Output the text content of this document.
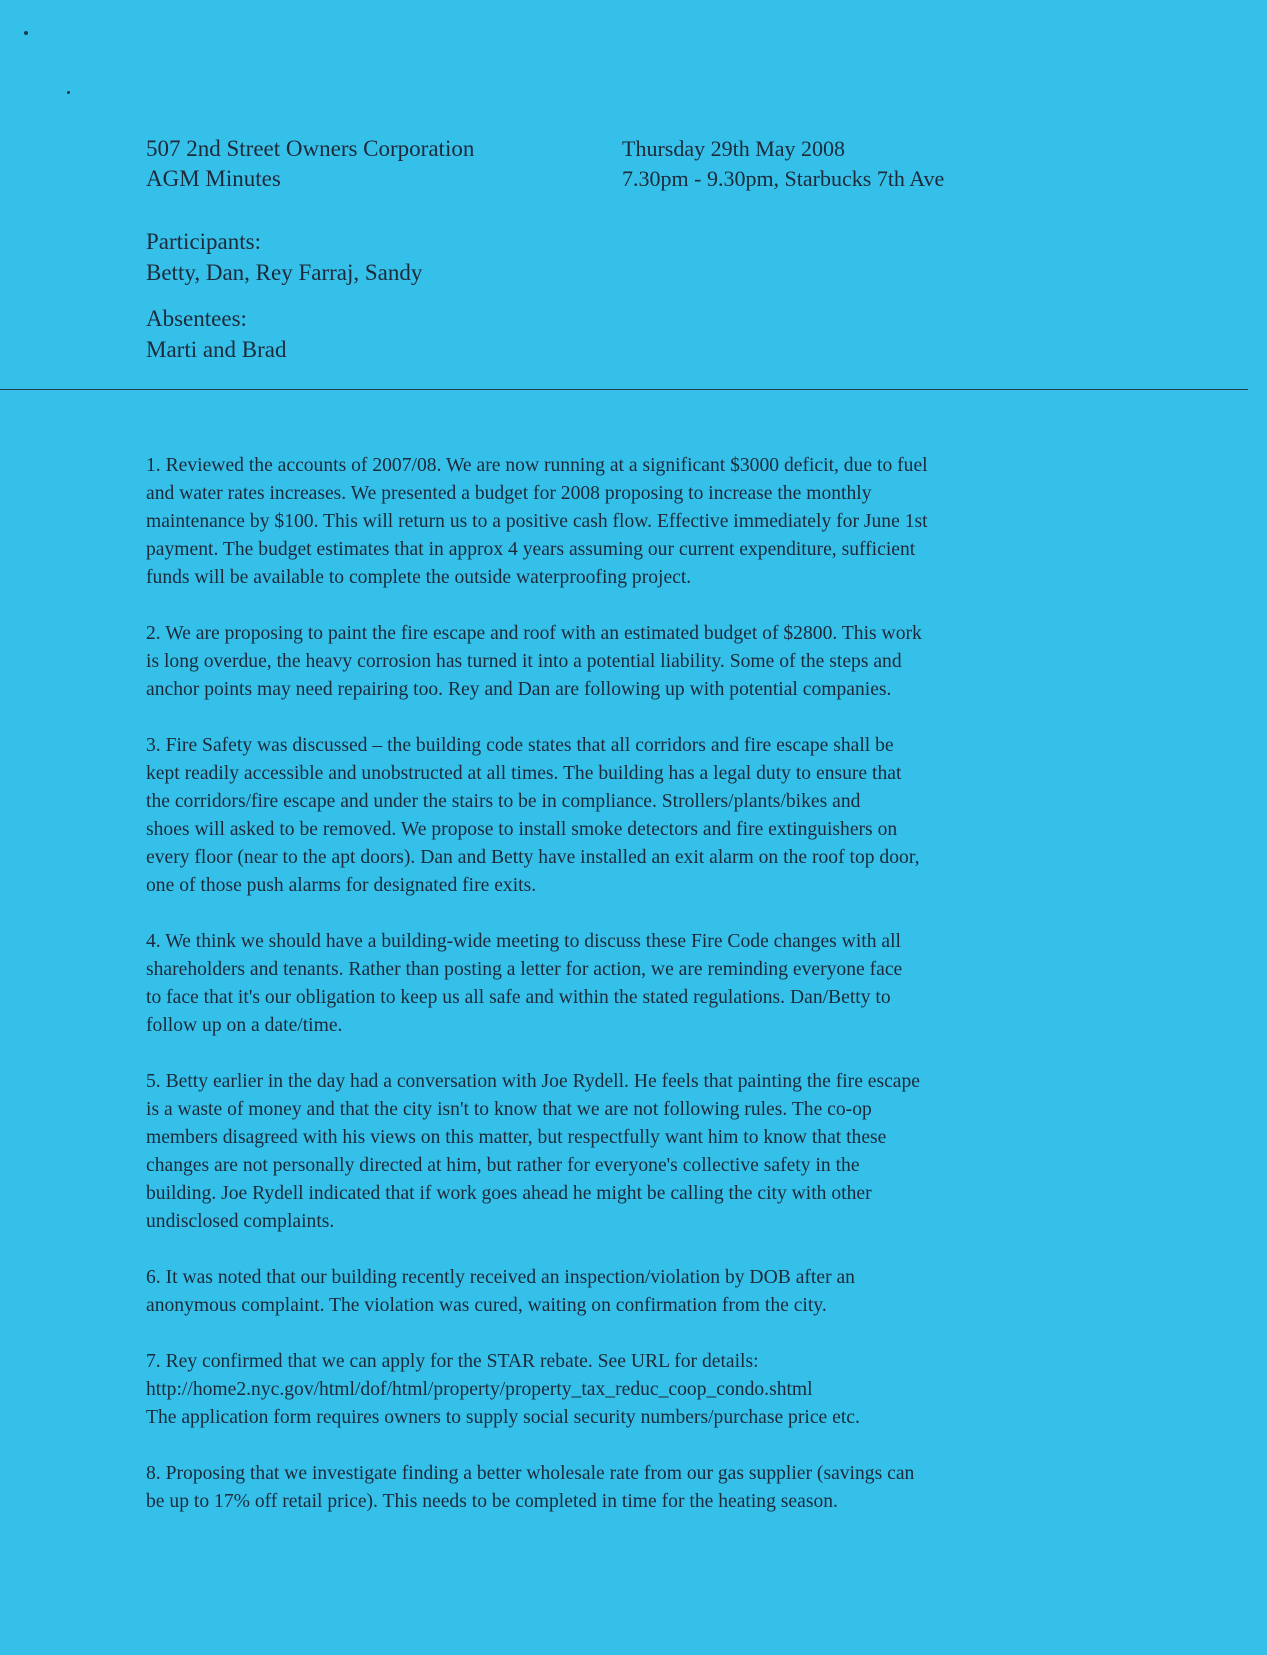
507 2nd Street Owners Corporation
AGM Minutes
Thursday 29th May 2008
7.30pm - 9.30pm, Starbucks 7th Ave
Participants:
Betty, Dan, Rey Farraj, Sandy
Absentees:
Marti and Brad
1. Reviewed the accounts of 2007/08. We are now running at a significant $3000 deficit, due to fuel
and water rates increases. We presented a budget for 2008 proposing to increase the monthly
maintenance by $100. This will return us to a positive cash flow. Effective immediately for June 1st
payment. The budget estimates that in approx 4 years assuming our current expenditure, sufficient
funds will be available to complete the outside waterproofing project.
2. We are proposing to paint the fire escape and roof with an estimated budget of $2800. This work
is long overdue, the heavy corrosion has turned it into a potential liability. Some of the steps and
anchor points may need repairing too. Rey and Dan are following up with potential companies.
3. Fire Safety was discussed – the building code states that all corridors and fire escape shall be
kept readily accessible and unobstructed at all times. The building has a legal duty to ensure that
the corridors/fire escape and under the stairs to be in compliance. Strollers/plants/bikes and
shoes will asked to be removed. We propose to install smoke detectors and fire extinguishers on
every floor (near to the apt doors). Dan and Betty have installed an exit alarm on the roof top door,
one of those push alarms for designated fire exits.
4. We think we should have a building-wide meeting to discuss these Fire Code changes with all
shareholders and tenants. Rather than posting a letter for action, we are reminding everyone face
to face that it's our obligation to keep us all safe and within the stated regulations. Dan/Betty to
follow up on a date/time.
5. Betty earlier in the day had a conversation with Joe Rydell. He feels that painting the fire escape
is a waste of money and that the city isn't to know that we are not following rules. The co-op
members disagreed with his views on this matter, but respectfully want him to know that these
changes are not personally directed at him, but rather for everyone's collective safety in the
building. Joe Rydell indicated that if work goes ahead he might be calling the city with other
undisclosed complaints.
6. It was noted that our building recently received an inspection/violation by DOB after an
anonymous complaint. The violation was cured, waiting on confirmation from the city.
7. Rey confirmed that we can apply for the STAR rebate. See URL for details:
http://home2.nyc.gov/html/dof/html/property/property_tax_reduc_coop_condo.shtml
The application form requires owners to supply social security numbers/purchase price etc.
8. Proposing that we investigate finding a better wholesale rate from our gas supplier (savings can
be up to 17% off retail price). This needs to be completed in time for the heating season.
